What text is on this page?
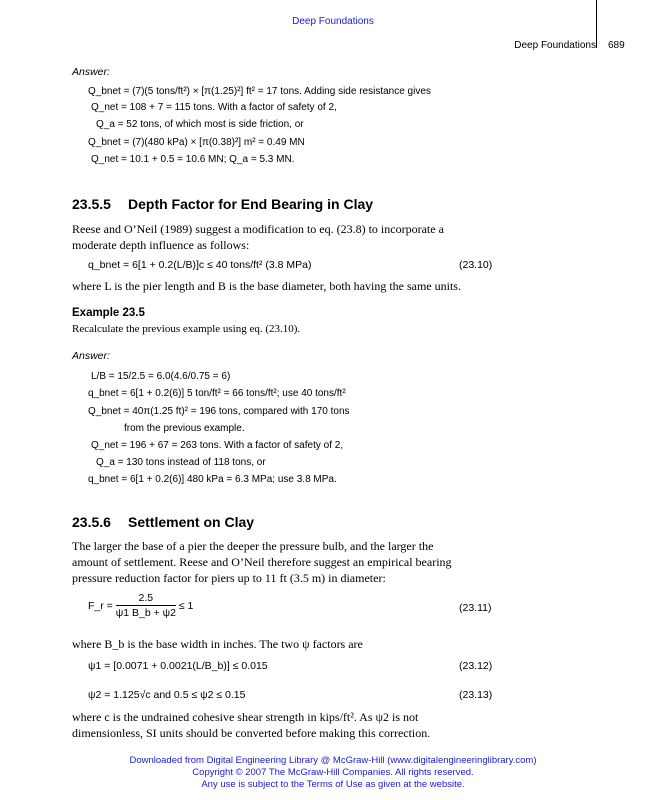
Deep Foundations
Deep Foundations 689
Answer:
Q_bnet = (7)(5 tons/ft²) × [π(1.25)²] ft² = 17 tons. Adding side resistance gives
Q_net = 108 + 7 = 115 tons. With a factor of safety of 2,
Q_a = 52 tons, of which most is side friction, or
Q_bnet = (7)(480 kPa) × [π(0.38)²] m² = 0.49 MN
Q_net = 10.1 + 0.5 = 10.6 MN; Q_a = 5.3 MN.
23.5.5 Depth Factor for End Bearing in Clay
Reese and O’Neil (1989) suggest a modification to eq. (23.8) to incorporate a
moderate depth influence as follows:
q_bnet = 6[1 + 0.2(L/B)]c ≤ 40 tons/ft² (3.8 MPa)	(23.10)
where L is the pier length and B is the base diameter, both having the same units.
Example 23.5
Recalculate the previous example using eq. (23.10).
Answer:
L/B = 15/2.5 = 6.0(4.6/0.75 = 6)
q_bnet = 6[1 + 0.2(6)] 5 ton/ft² = 66 tons/ft²; use 40 tons/ft²
Q_bnet = 40π(1.25 ft)² = 196 tons, compared with 170 tons
from the previous example.
Q_net = 196 + 67 = 263 tons. With a factor of safety of 2,
Q_a = 130 tons instead of 118 tons, or
q_bnet = 6[1 + 0.2(6)] 480 kPa = 6.3 MPa; use 3.8 MPa.
23.5.6 Settlement on Clay
The larger the base of a pier the deeper the pressure bulb, and the larger the
amount of settlement. Reese and O’Neil therefore suggest an empirical bearing
pressure reduction factor for piers up to 11 ft (3.5 m) in diameter:
F_r = $\frac{2.5}{\psi 1 B\_b + \psi 2} \le 1$	(23.11)
where B_b is the base width in inches. The two ψ factors are
ψ1 = [0.0071 + 0.0021(L/B_b)] ≤ 0.015	(23.12)
ψ2 = 1.125√c and 0.5 ≤ ψ2 ≤ 0.15	(23.13)
where c is the undrained cohesive shear strength in kips/ft². As ψ2 is not
dimensionless, SI units should be converted before making this correction.
Downloaded from Digital Engineering Library @ McGraw-Hill (www.digitalengineeringlibrary.com)
Copyright © 2007 The McGraw-Hill Companies. All rights reserved.
Any use is subject to the Terms of Use as given at the website.
